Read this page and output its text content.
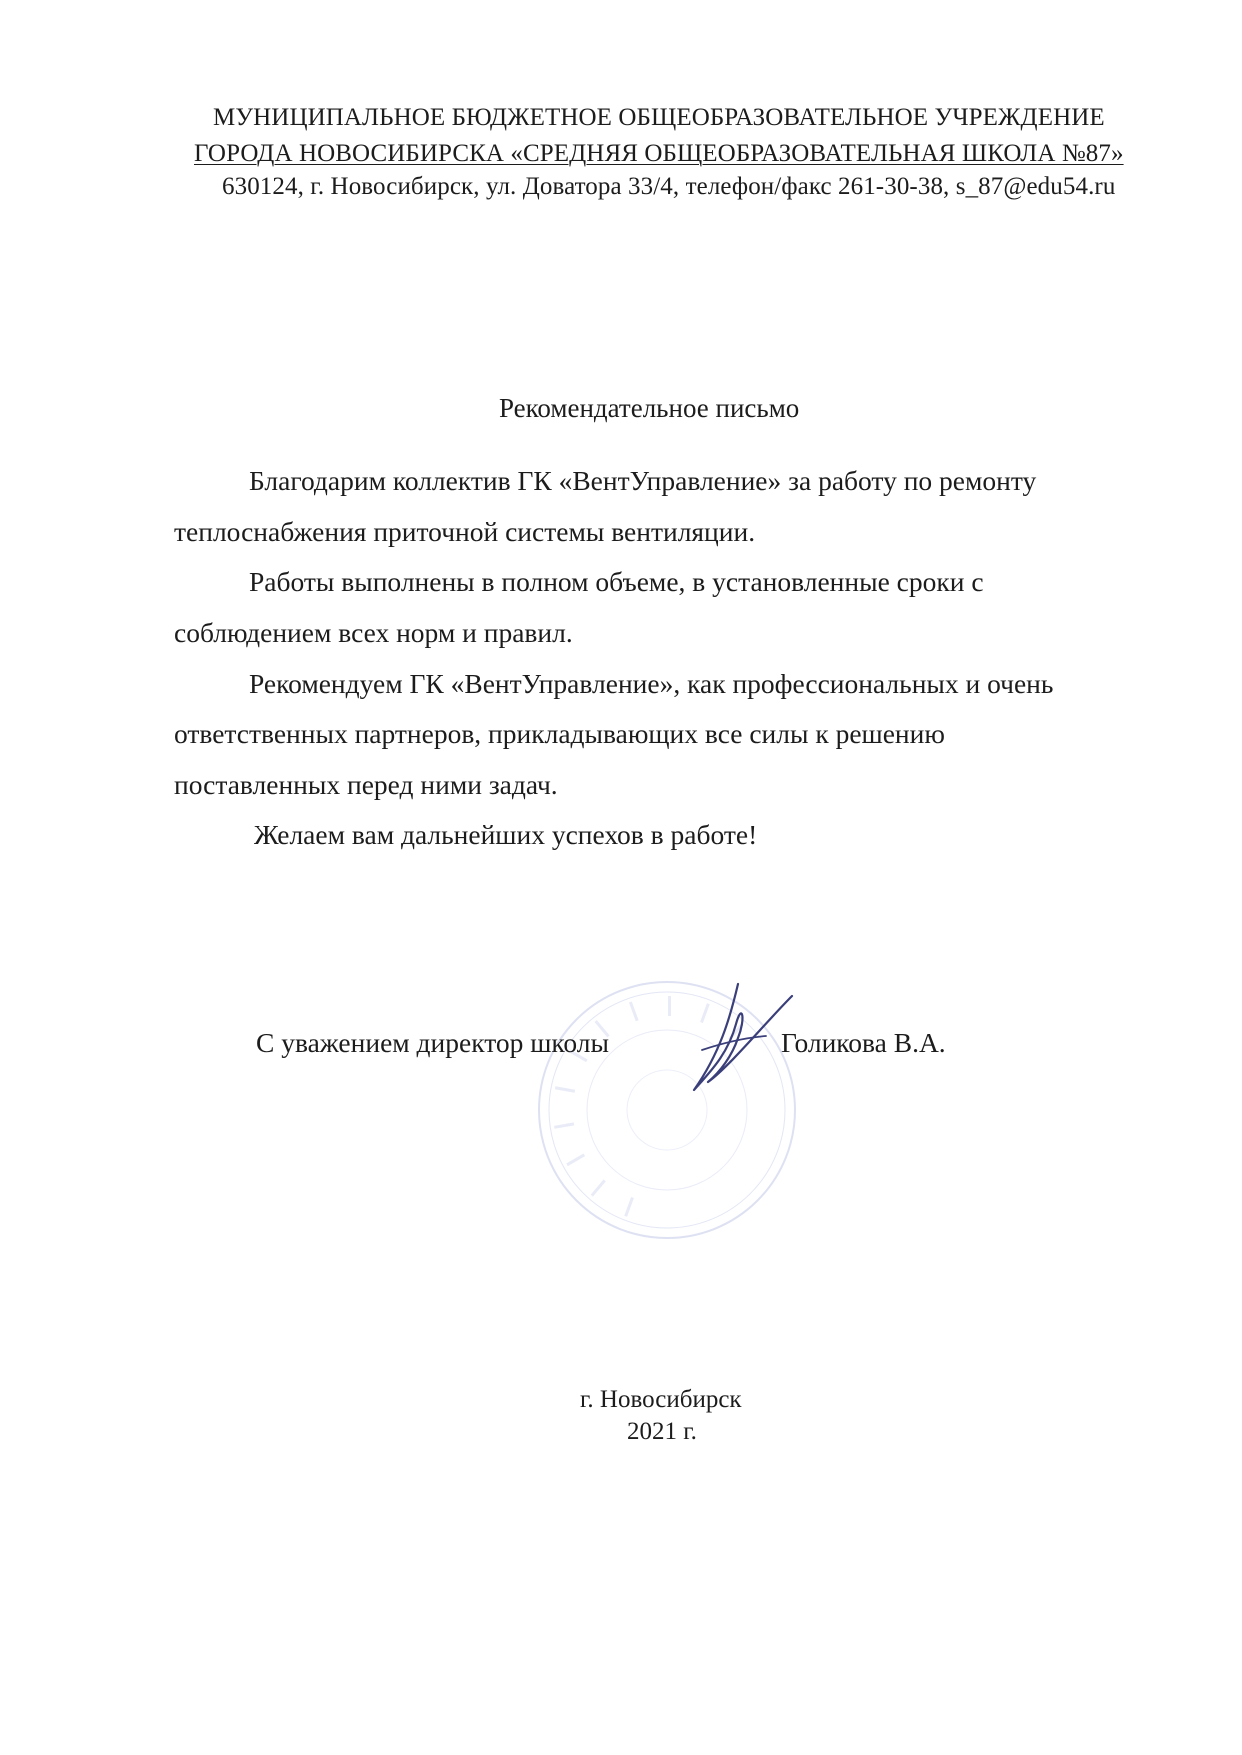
МУНИЦИПАЛЬНОЕ БЮДЖЕТНОЕ ОБЩЕОБРАЗОВАТЕЛЬНОЕ УЧРЕЖДЕНИЕ
ГОРОДА НОВОСИБИРСКА «СРЕДНЯЯ ОБЩЕОБРАЗОВАТЕЛЬНАЯ ШКОЛА №87»
630124, г. Новосибирск, ул. Доватора 33/4, телефон/факс 261-30-38, s_87@edu54.ru
Рекомендательное письмо
Благодарим коллектив ГК «ВентУправление» за работу по ремонту
теплоснабжения приточной системы вентиляции.
Работы выполнены в полном объеме, в установленные сроки с
соблюдением всех норм и правил.
Рекомендуем ГК «ВентУправление», как профессиональных и очень
ответственных партнеров, прикладывающих все силы к решению
поставленных перед ними задач.
Желаем вам дальнейших успехов в работе!
С уважением директор школы	Голикова В.А.
г. Новосибирск
2021 г.
